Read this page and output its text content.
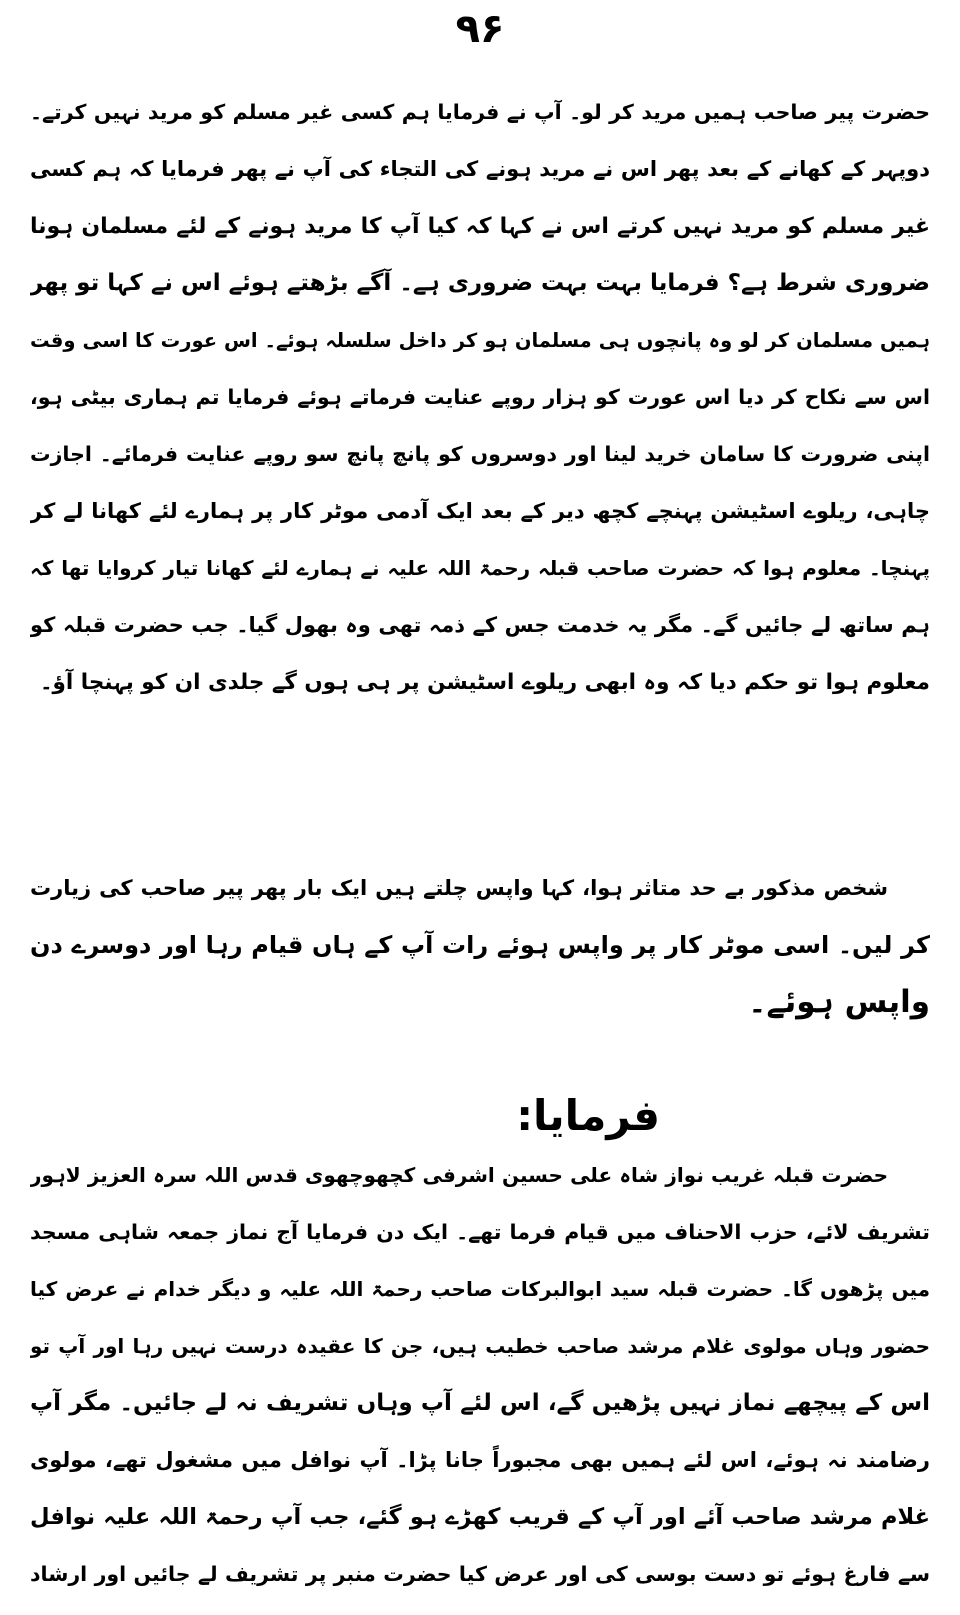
۹۶
حضرت پیر صاحب ہمیں مرید کر لو۔ آپ نے فرمایا ہم کسی غیر مسلم کو مرید نہیں کرتے۔
دوپہر کے کھانے کے بعد پھر اس نے مرید ہونے کی التجاء کی آپ نے پھر فرمایا کہ ہم کسی
غیر مسلم کو مرید نہیں کرتے اس نے کہا کہ کیا آپ کا مرید ہونے کے لئے مسلمان ہونا
ضروری شرط ہے؟ فرمایا بہت بہت ضروری ہے۔ آگے بڑھتے ہوئے اس نے کہا تو پھر
ہمیں مسلمان کر لو وہ پانچوں ہی مسلمان ہو کر داخل سلسلہ ہوئے۔ اس عورت کا اسی وقت
اس سے نکاح کر دیا اس عورت کو ہزار روپے عنایت فرماتے ہوئے فرمایا تم ہماری بیٹی ہو،
اپنی ضرورت کا سامان خرید لینا اور دوسروں کو پانچ پانچ سو روپے عنایت فرمائے۔ اجازت
چاہی، ریلوے اسٹیشن پہنچے کچھ دیر کے بعد ایک آدمی موٹر کار پر ہمارے لئے کھانا لے کر
پہنچا۔ معلوم ہوا کہ حضرت صاحب قبلہ رحمۃ اللہ علیہ نے ہمارے لئے کھانا تیار کروایا تھا کہ
ہم ساتھ لے جائیں گے۔ مگر یہ خدمت جس کے ذمہ تھی وہ بھول گیا۔ جب حضرت قبلہ کو
معلوم ہوا تو حکم دیا کہ وہ ابھی ریلوے اسٹیشن پر ہی ہوں گے جلدی ان کو پہنچا آؤ۔
شخص مذکور بے حد متاثر ہوا، کہا واپس چلتے ہیں ایک بار پھر پیر صاحب کی زیارت
کر لیں۔ اسی موٹر کار پر واپس ہوئے رات آپ کے ہاں قیام رہا اور دوسرے دن
واپس ہوئے۔
فرمایا:
حضرت قبلہ غریب نواز شاہ علی حسین اشرفی کچھوچھوی قدس اللہ سرہ العزیز لاہور
تشریف لائے، حزب الاحناف میں قیام فرما تھے۔ ایک دن فرمایا آج نماز جمعہ شاہی مسجد
میں پڑھوں گا۔ حضرت قبلہ سید ابوالبرکات صاحب رحمۃ اللہ علیہ و دیگر خدام نے عرض کیا
حضور وہاں مولوی غلام مرشد صاحب خطیب ہیں، جن کا عقیدہ درست نہیں رہا اور آپ تو
اس کے پیچھے نماز نہیں پڑھیں گے، اس لئے آپ وہاں تشریف نہ لے جائیں۔ مگر آپ
رضامند نہ ہوئے، اس لئے ہمیں بھی مجبوراً جانا پڑا۔ آپ نوافل میں مشغول تھے، مولوی
غلام مرشد صاحب آئے اور آپ کے قریب کھڑے ہو گئے، جب آپ رحمۃ اللہ علیہ نوافل
سے فارغ ہوئے تو دست بوسی کی اور عرض کیا حضرت منبر پر تشریف لے جائیں اور ارشاد
